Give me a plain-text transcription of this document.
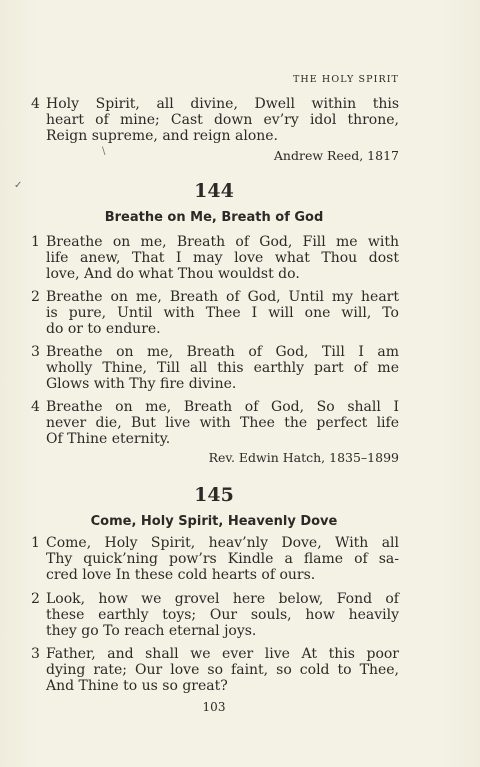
THE HOLY SPIRIT
4 Holy Spirit, all divine, Dwell within this
heart of mine; Cast down ev’ry idol throne,
Reign supreme, and reign alone.
Andrew Reed, 1817
\
✓	144
Breathe on Me, Breath of God
1 Breathe on me, Breath of God, Fill me with
life anew, That I may love what Thou dost
love, And do what Thou wouldst do.
2 Breathe on me, Breath of God, Until my heart
is pure, Until with Thee I will one will, To
do or to endure.
3 Breathe on me, Breath of God, Till I am
wholly Thine, Till all this earthly part of me
Glows with Thy fire divine.
4 Breathe on me, Breath of God, So shall I
never die, But live with Thee the perfect life
Of Thine eternity.
Rev. Edwin Hatch, 1835–1899
145
Come, Holy Spirit, Heavenly Dove
1 Come, Holy Spirit, heav’nly Dove, With all
Thy quick’ning pow’rs Kindle a flame of sa-
cred love In these cold hearts of ours.
2 Look, how we grovel here below, Fond of
these earthly toys; Our souls, how heavily
they go To reach eternal joys.
3 Father, and shall we ever live At this poor
dying rate; Our love so faint, so cold to Thee,
And Thine to us so great?
103
